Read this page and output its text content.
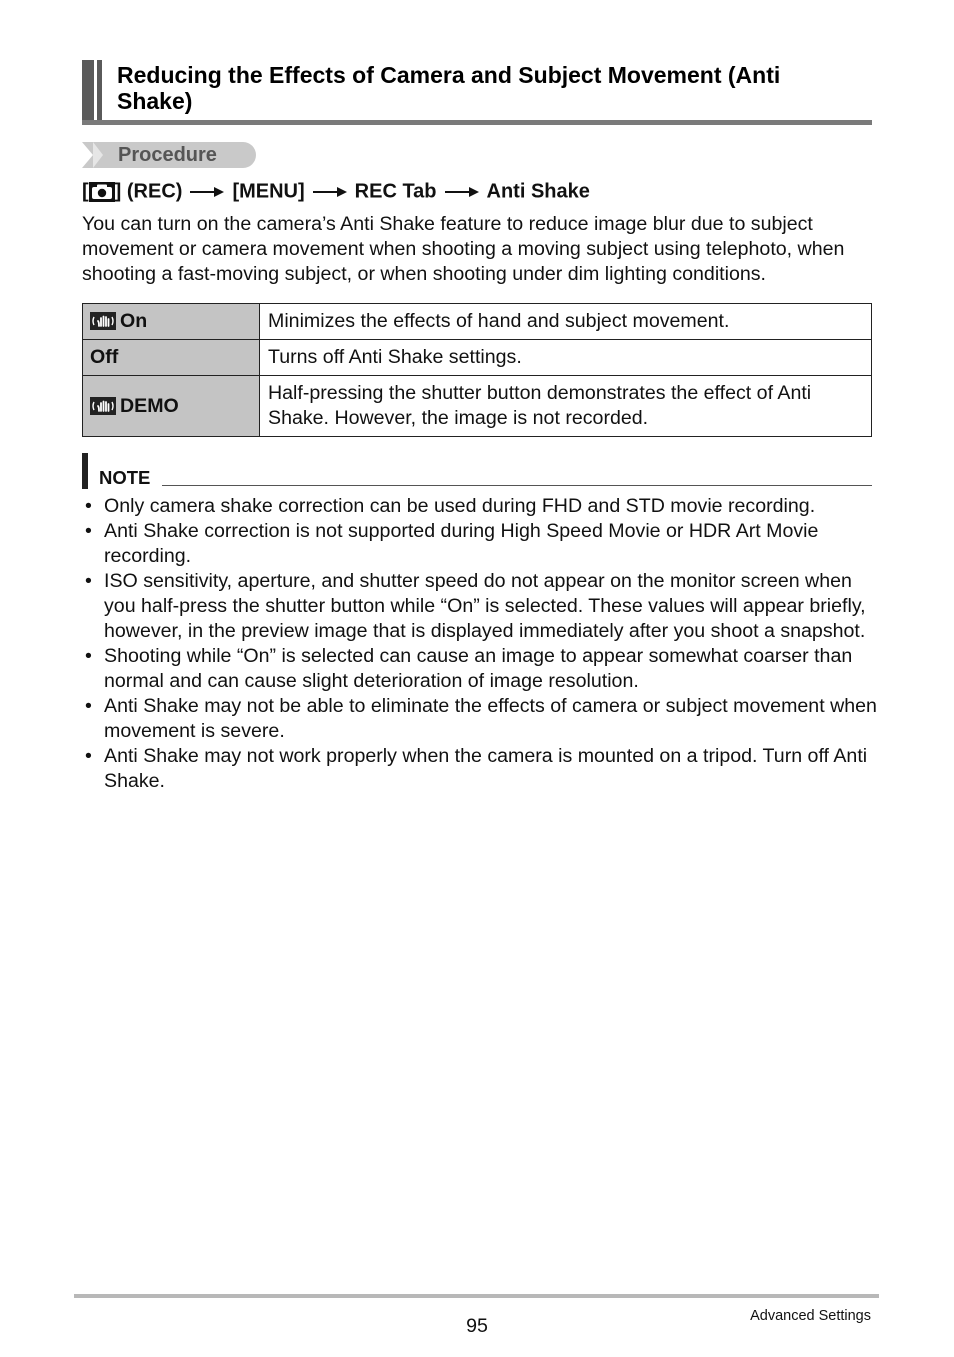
Reducing the Effects of Camera and Subject Movement (Anti Shake)
Procedure
[ ] (REC)	[MENU]	REC Tab	Anti Shake
You can turn on the camera’s Anti Shake feature to reduce image blur due to subject movement or camera movement when shooting a moving subject using telephoto, when shooting a fast-moving subject, or when shooting under dim lighting conditions.
On	Minimizes the effects of hand and subject movement.
Off	Turns off Anti Shake settings.
DEMO	Half-pressing the shutter button demonstrates the effect of Anti Shake. However, the image is not recorded.
NOTE
• Only camera shake correction can be used during FHD and STD movie recording.
• Anti Shake correction is not supported during High Speed Movie or HDR Art Movie recording.
• ISO sensitivity, aperture, and shutter speed do not appear on the monitor screen when you half-press the shutter button while “On” is selected. These values will appear briefly, however, in the preview image that is displayed immediately after you shoot a snapshot.
• Shooting while “On” is selected can cause an image to appear somewhat coarser than normal and can cause slight deterioration of image resolution.
• Anti Shake may not be able to eliminate the effects of camera or subject movement when movement is severe.
• Anti Shake may not work properly when the camera is mounted on a tripod. Turn off Anti Shake.
95	Advanced Settings
